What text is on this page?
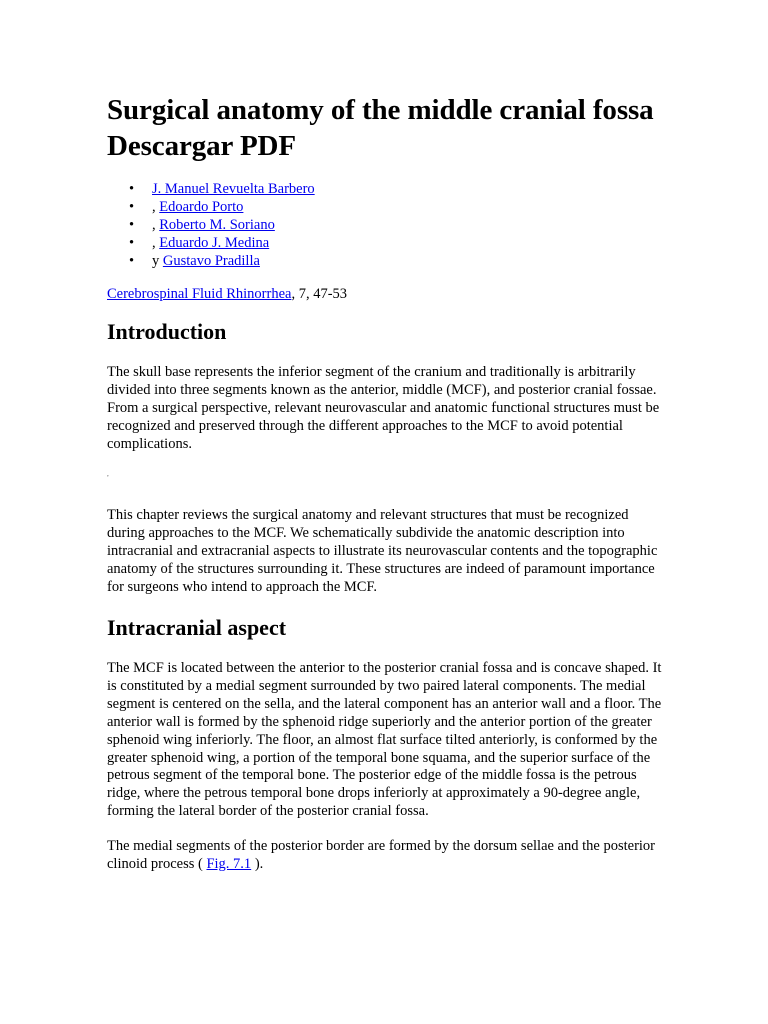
Surgical anatomy of the middle cranial fossa Descargar PDF
• J. Manuel Revuelta Barbero
• , Edoardo Porto
• , Roberto M. Soriano
• , Eduardo J. Medina
• y Gustavo Pradilla

Cerebrospinal Fluid Rhinorrhea, 7, 47-53

Introduction

The skull base represents the inferior segment of the cranium and traditionally is arbitrarily divided into three segments known as the anterior, middle (MCF), and posterior cranial fossae. From a surgical perspective, relevant neurovascular and anatomic functional structures must be recognized and preserved through the different approaches to the MCF to avoid potential complications.

,

This chapter reviews the surgical anatomy and relevant structures that must be recognized during approaches to the MCF. We schematically subdivide the anatomic description into intracranial and extracranial aspects to illustrate its neurovascular contents and the topographic anatomy of the structures surrounding it. These structures are indeed of paramount importance for surgeons who intend to approach the MCF.

Intracranial aspect

The MCF is located between the anterior to the posterior cranial fossa and is concave shaped. It is constituted by a medial segment surrounded by two paired lateral components. The medial segment is centered on the sella, and the lateral component has an anterior wall and a floor. The anterior wall is formed by the sphenoid ridge superiorly and the anterior portion of the greater sphenoid wing inferiorly. The floor, an almost flat surface tilted anteriorly, is conformed by the greater sphenoid wing, a portion of the temporal bone squama, and the superior surface of the petrous segment of the temporal bone. The posterior edge of the middle fossa is the petrous ridge, where the petrous temporal bone drops inferiorly at approximately a 90-degree angle, forming the lateral border of the posterior cranial fossa.

The medial segments of the posterior border are formed by the dorsum sellae and the posterior clinoid process ( Fig. 7.1 ).
